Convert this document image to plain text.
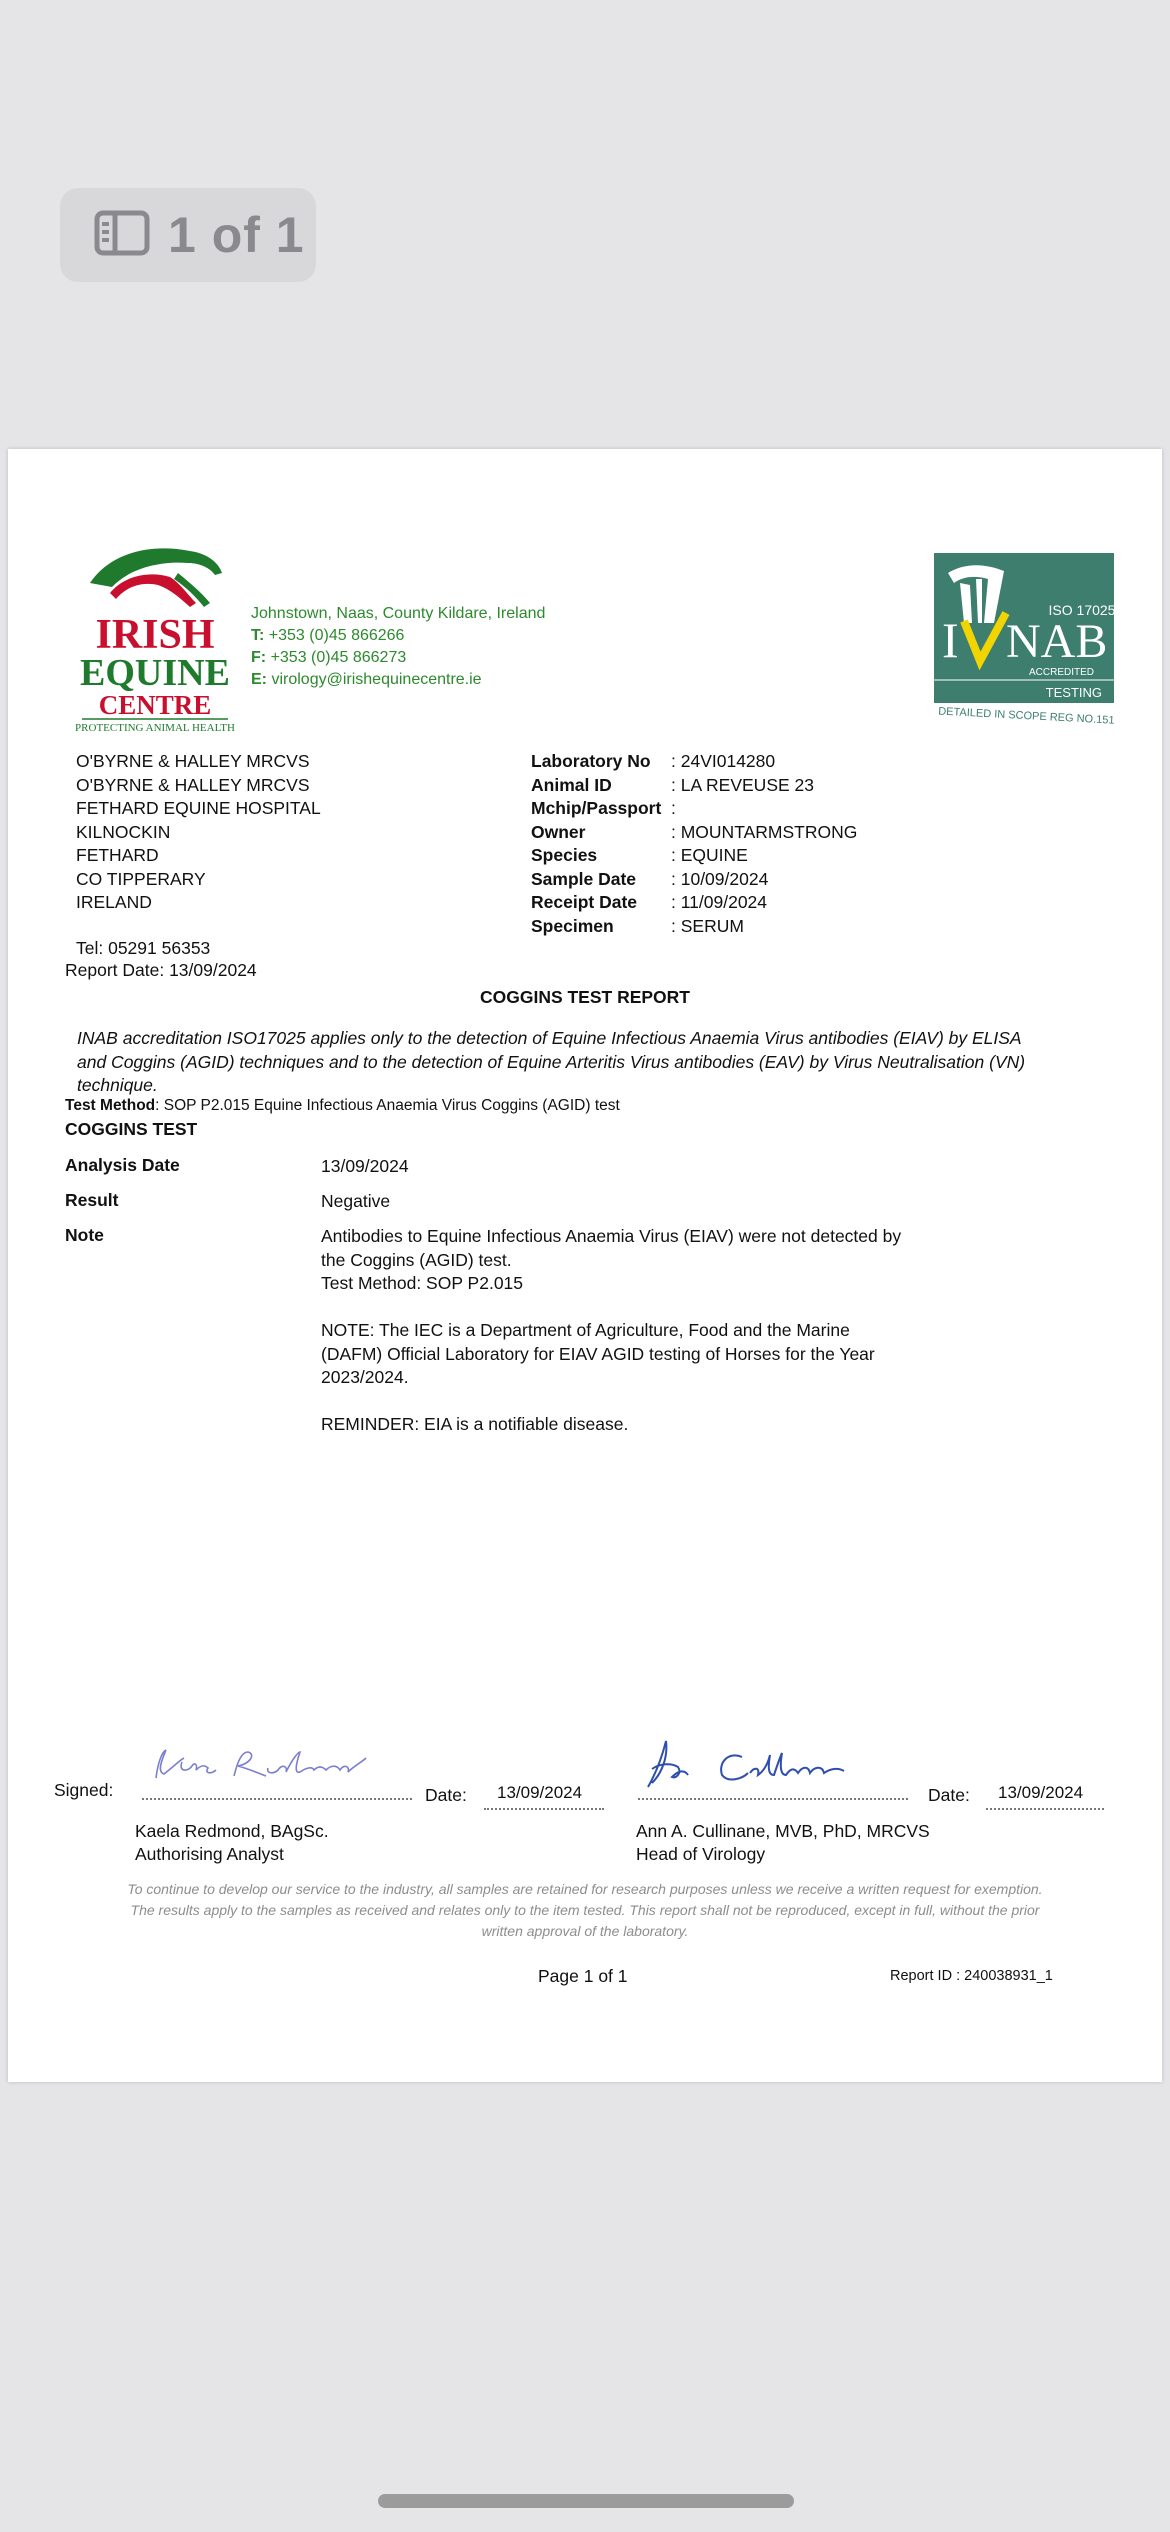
1 of 1
IRISH
EQUINE
CENTRE
PROTECTING ANIMAL HEALTH
Johnstown, Naas, County Kildare, Ireland
T: +353 (0)45 866266
F: +353 (0)45 866273
E: virology@irishequinecentre.ie
ISO 17025
I NAB
ACCREDITED
TESTING
DETAILED IN SCOPE REG NO.151T
O'BYRNE & HALLEY MRCVS
O'BYRNE & HALLEY MRCVS
FETHARD EQUINE HOSPITAL
KILNOCKIN
FETHARD
CO TIPPERARY
IRELAND
Tel: 05291 56353
Report Date: 13/09/2024
Laboratory No	: 24VI014280
Animal ID	: LA REVEUSE 23
Mchip/Passport :
Owner	: MOUNTARMSTRONG
Species	: EQUINE
Sample Date	: 10/09/2024
Receipt Date	: 11/09/2024
Specimen	: SERUM
COGGINS TEST REPORT
INAB accreditation ISO17025 applies only to the detection of Equine Infectious Anaemia Virus antibodies (EIAV) by ELISA and Coggins (AGID) techniques and to the detection of Equine Arteritis Virus antibodies (EAV) by Virus Neutralisation (VN) technique.
Test Method: SOP P2.015 Equine Infectious Anaemia Virus Coggins (AGID) test
COGGINS TEST
Analysis Date	13/09/2024
Result	Negative
Note	Antibodies to Equine Infectious Anaemia Virus (EIAV) were not detected by
the Coggins (AGID) test.
Test Method: SOP P2.015
NOTE: The IEC is a Department of Agriculture, Food and the Marine
(DAFM) Official Laboratory for EIAV AGID testing of Horses for the Year
2023/2024.
REMINDER: EIA is a notifiable disease.
Signed:	Date: 13/09/2024
Kaela Redmond, BAgSc.
Authorising Analyst
Date: 13/09/2024
Ann A. Cullinane, MVB, PhD, MRCVS
Head of Virology
To continue to develop our service to the industry, all samples are retained for research purposes unless we receive a written request for exemption.
The results apply to the samples as received and relates only to the item tested. This report shall not be reproduced, except in full, without the prior
written approval of the laboratory.
Page 1 of 1	Report ID : 240038931_1
